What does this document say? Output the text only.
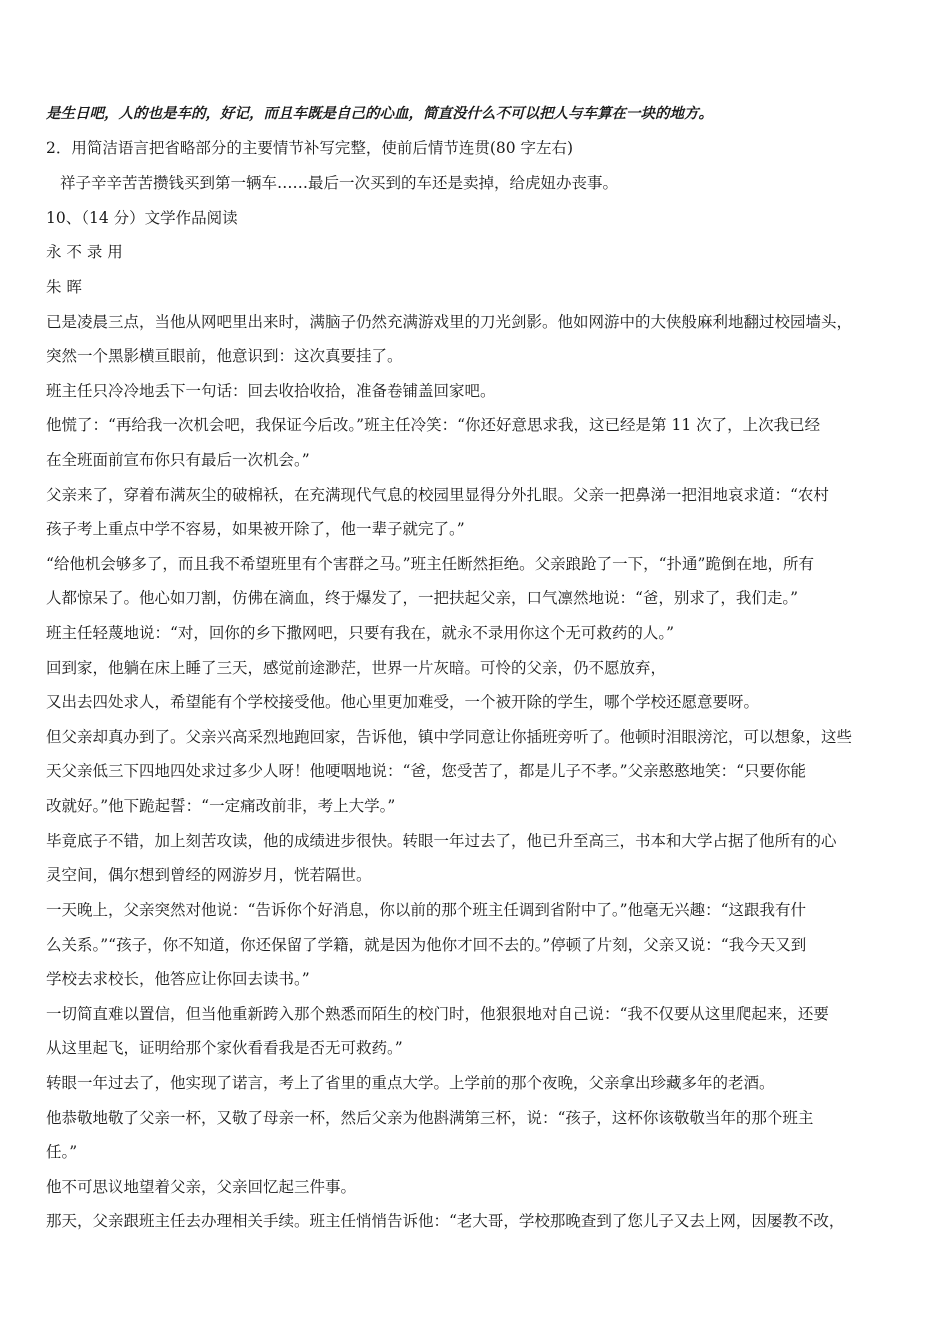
是生日吧，人的也是车的，好记，而且车既是自己的心血，简直没什么不可以把人与车算在一块的地方。

2．用简洁语言把省略部分的主要情节补写完整，使前后情节连贯(80 字左右)

祥子辛辛苦苦攒钱买到第一辆车……最后一次买到的车还是卖掉，给虎妞办丧事。

10、（14 分）文学作品阅读

永 不 录 用

朱 晖

已是凌晨三点，当他从网吧里出来时，满脑子仍然充满游戏里的刀光剑影。他如网游中的大侠般麻利地翻过校园墙头，

突然一个黑影横亘眼前，他意识到：这次真要挂了。

班主任只冷冷地丢下一句话：回去收拾收拾，准备卷铺盖回家吧。

他慌了：“再给我一次机会吧，我保证今后改。”班主任冷笑：“你还好意思求我，这已经是第 11 次了，上次我已经

在全班面前宣布你只有最后一次机会。”

父亲来了，穿着布满灰尘的破棉袄，在充满现代气息的校园里显得分外扎眼。父亲一把鼻涕一把泪地哀求道：“农村

孩子考上重点中学不容易，如果被开除了，他一辈子就完了。”

“给他机会够多了，而且我不希望班里有个害群之马。”班主任断然拒绝。父亲踉跄了一下，“扑通”跪倒在地，所有

人都惊呆了。他心如刀割，仿佛在滴血，终于爆发了，一把扶起父亲，口气凛然地说：“爸，别求了，我们走。”

班主任轻蔑地说：“对，回你的乡下撒网吧，只要有我在，就永不录用你这个无可救药的人。”

回到家，他躺在床上睡了三天，感觉前途渺茫，世界一片灰暗。可怜的父亲，仍不愿放弃，

又出去四处求人，希望能有个学校接受他。他心里更加难受，一个被开除的学生，哪个学校还愿意要呀。

但父亲却真办到了。父亲兴高采烈地跑回家，告诉他，镇中学同意让你插班旁听了。他顿时泪眼滂沱，可以想象，这些

天父亲低三下四地四处求过多少人呀！他哽咽地说：“爸，您受苦了，都是儿子不孝。”父亲憨憨地笑：“只要你能

改就好。”他下跪起誓：“一定痛改前非，考上大学。”

毕竟底子不错，加上刻苦攻读，他的成绩进步很快。转眼一年过去了，他已升至高三，书本和大学占据了他所有的心

灵空间，偶尔想到曾经的网游岁月，恍若隔世。

一天晚上，父亲突然对他说：“告诉你个好消息，你以前的那个班主任调到省附中了。”他毫无兴趣：“这跟我有什

么关系。”“孩子，你不知道，你还保留了学籍，就是因为他你才回不去的。”停顿了片刻，父亲又说：“我今天又到

学校去求校长，他答应让你回去读书。”

一切简直难以置信，但当他重新跨入那个熟悉而陌生的校门时，他狠狠地对自己说：“我不仅要从这里爬起来，还要

从这里起飞，证明给那个家伙看看我是否无可救药。”

转眼一年过去了，他实现了诺言，考上了省里的重点大学。上学前的那个夜晚，父亲拿出珍藏多年的老酒。

他恭敬地敬了父亲一杯，又敬了母亲一杯，然后父亲为他斟满第三杯，说：“孩子，这杯你该敬敬当年的那个班主

任。”

他不可思议地望着父亲，父亲回忆起三件事。

那天，父亲跟班主任去办理相关手续。班主任悄悄告诉他：“老大哥，学校那晚查到了您儿子又去上网，因屡教不改，
